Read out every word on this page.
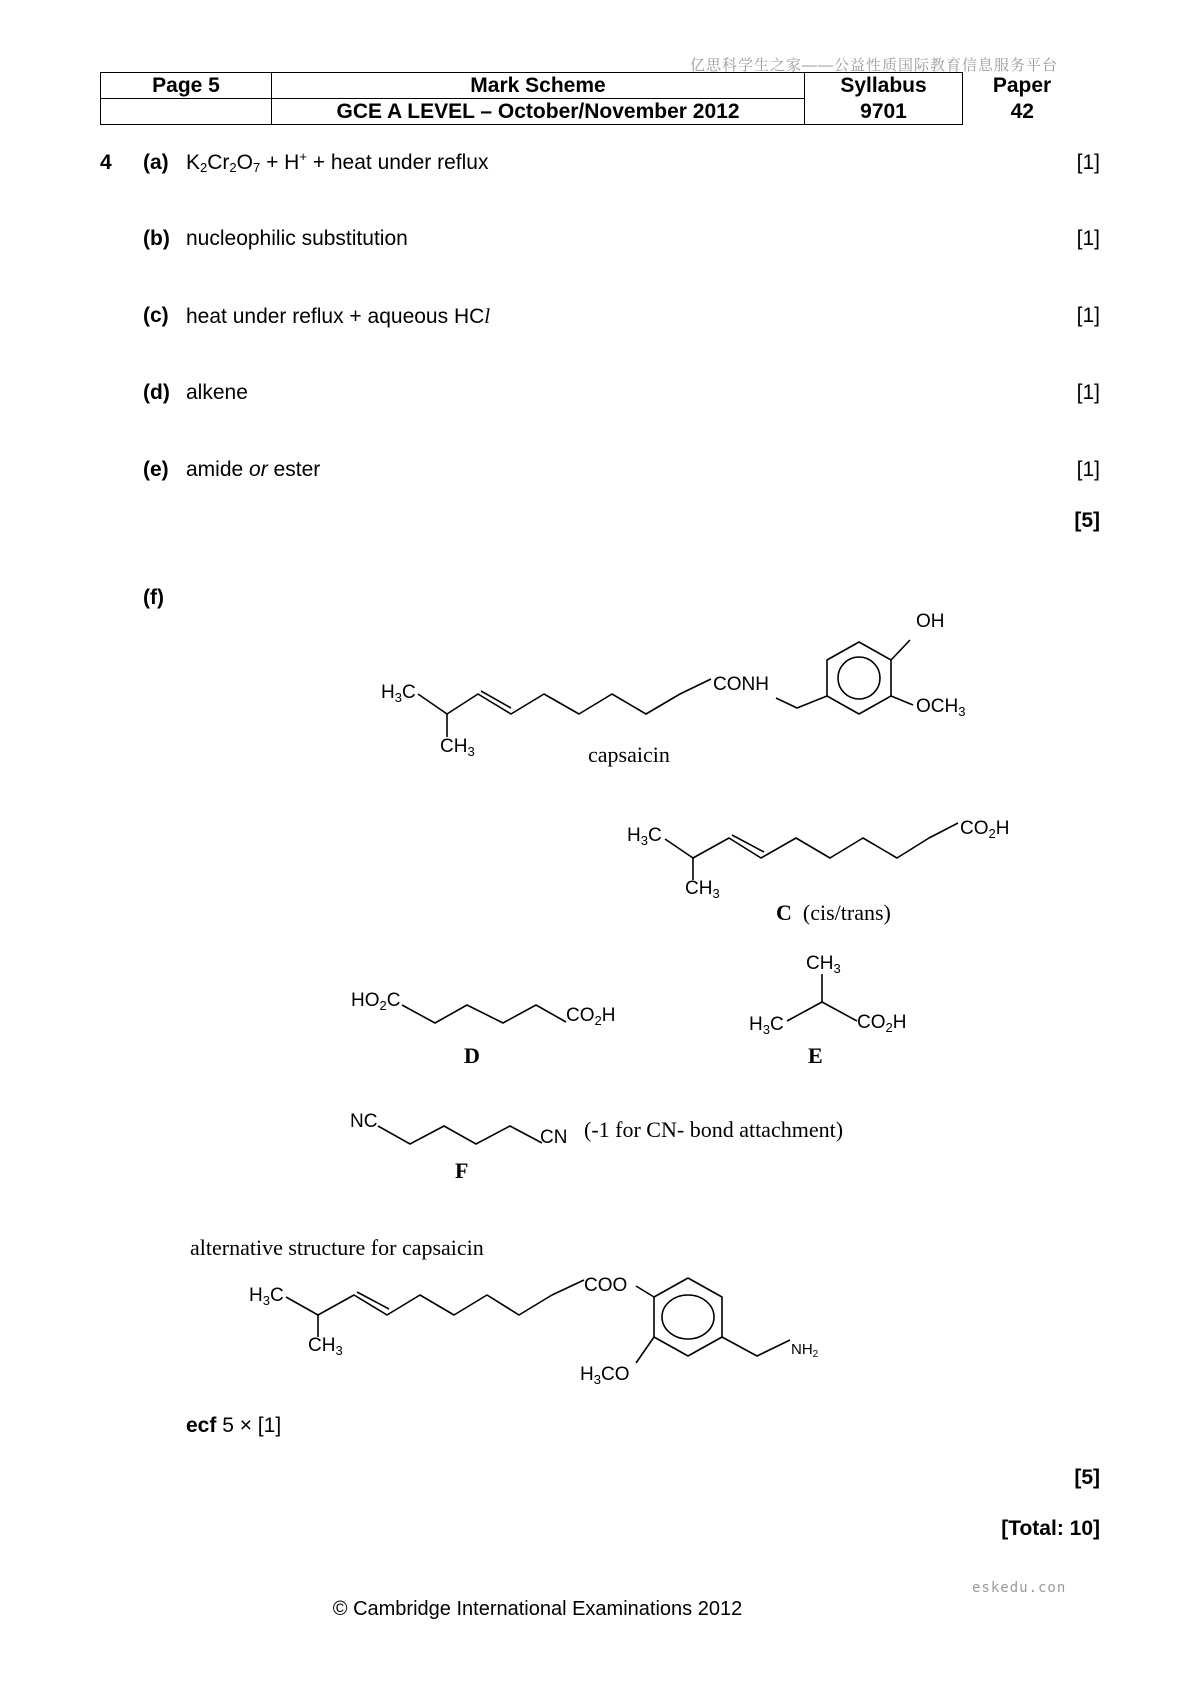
亿思科学生之家——公益性质国际教育信息服务平台
Page 5	Mark Scheme	Syllabus	Paper
	GCE A LEVEL – October/November 2012	9701	42
4 (a) $K_2Cr_2O_7 + H^+$ + heat under reflux	[1]
(b) nucleophilic substitution	[1]
(c) heat under reflux + aqueous HCl	[1]
(d) alkene	[1]
(e) amide or ester	[1]
[5]
(f)
$H_3C$
$CH_3$
CONH
OH
$OCH_3$
$H_3C$
$CH_3$
$CO_2H$
$HO_2C$
$CO_2H$
$CH_3$
$H_3C$	$CO_2H$
NC
CN
$H_3C$
$CH_3$
COO
$H_3CO$
$NH_2$
capsaicin
C (cis/trans)
D	E
(-1 for CN- bond attachment)
F
alternative structure for capsaicin
ecf 5 × [1]
[5]
[Total: 10]
eskedu.con
© Cambridge International Examinations 2012
